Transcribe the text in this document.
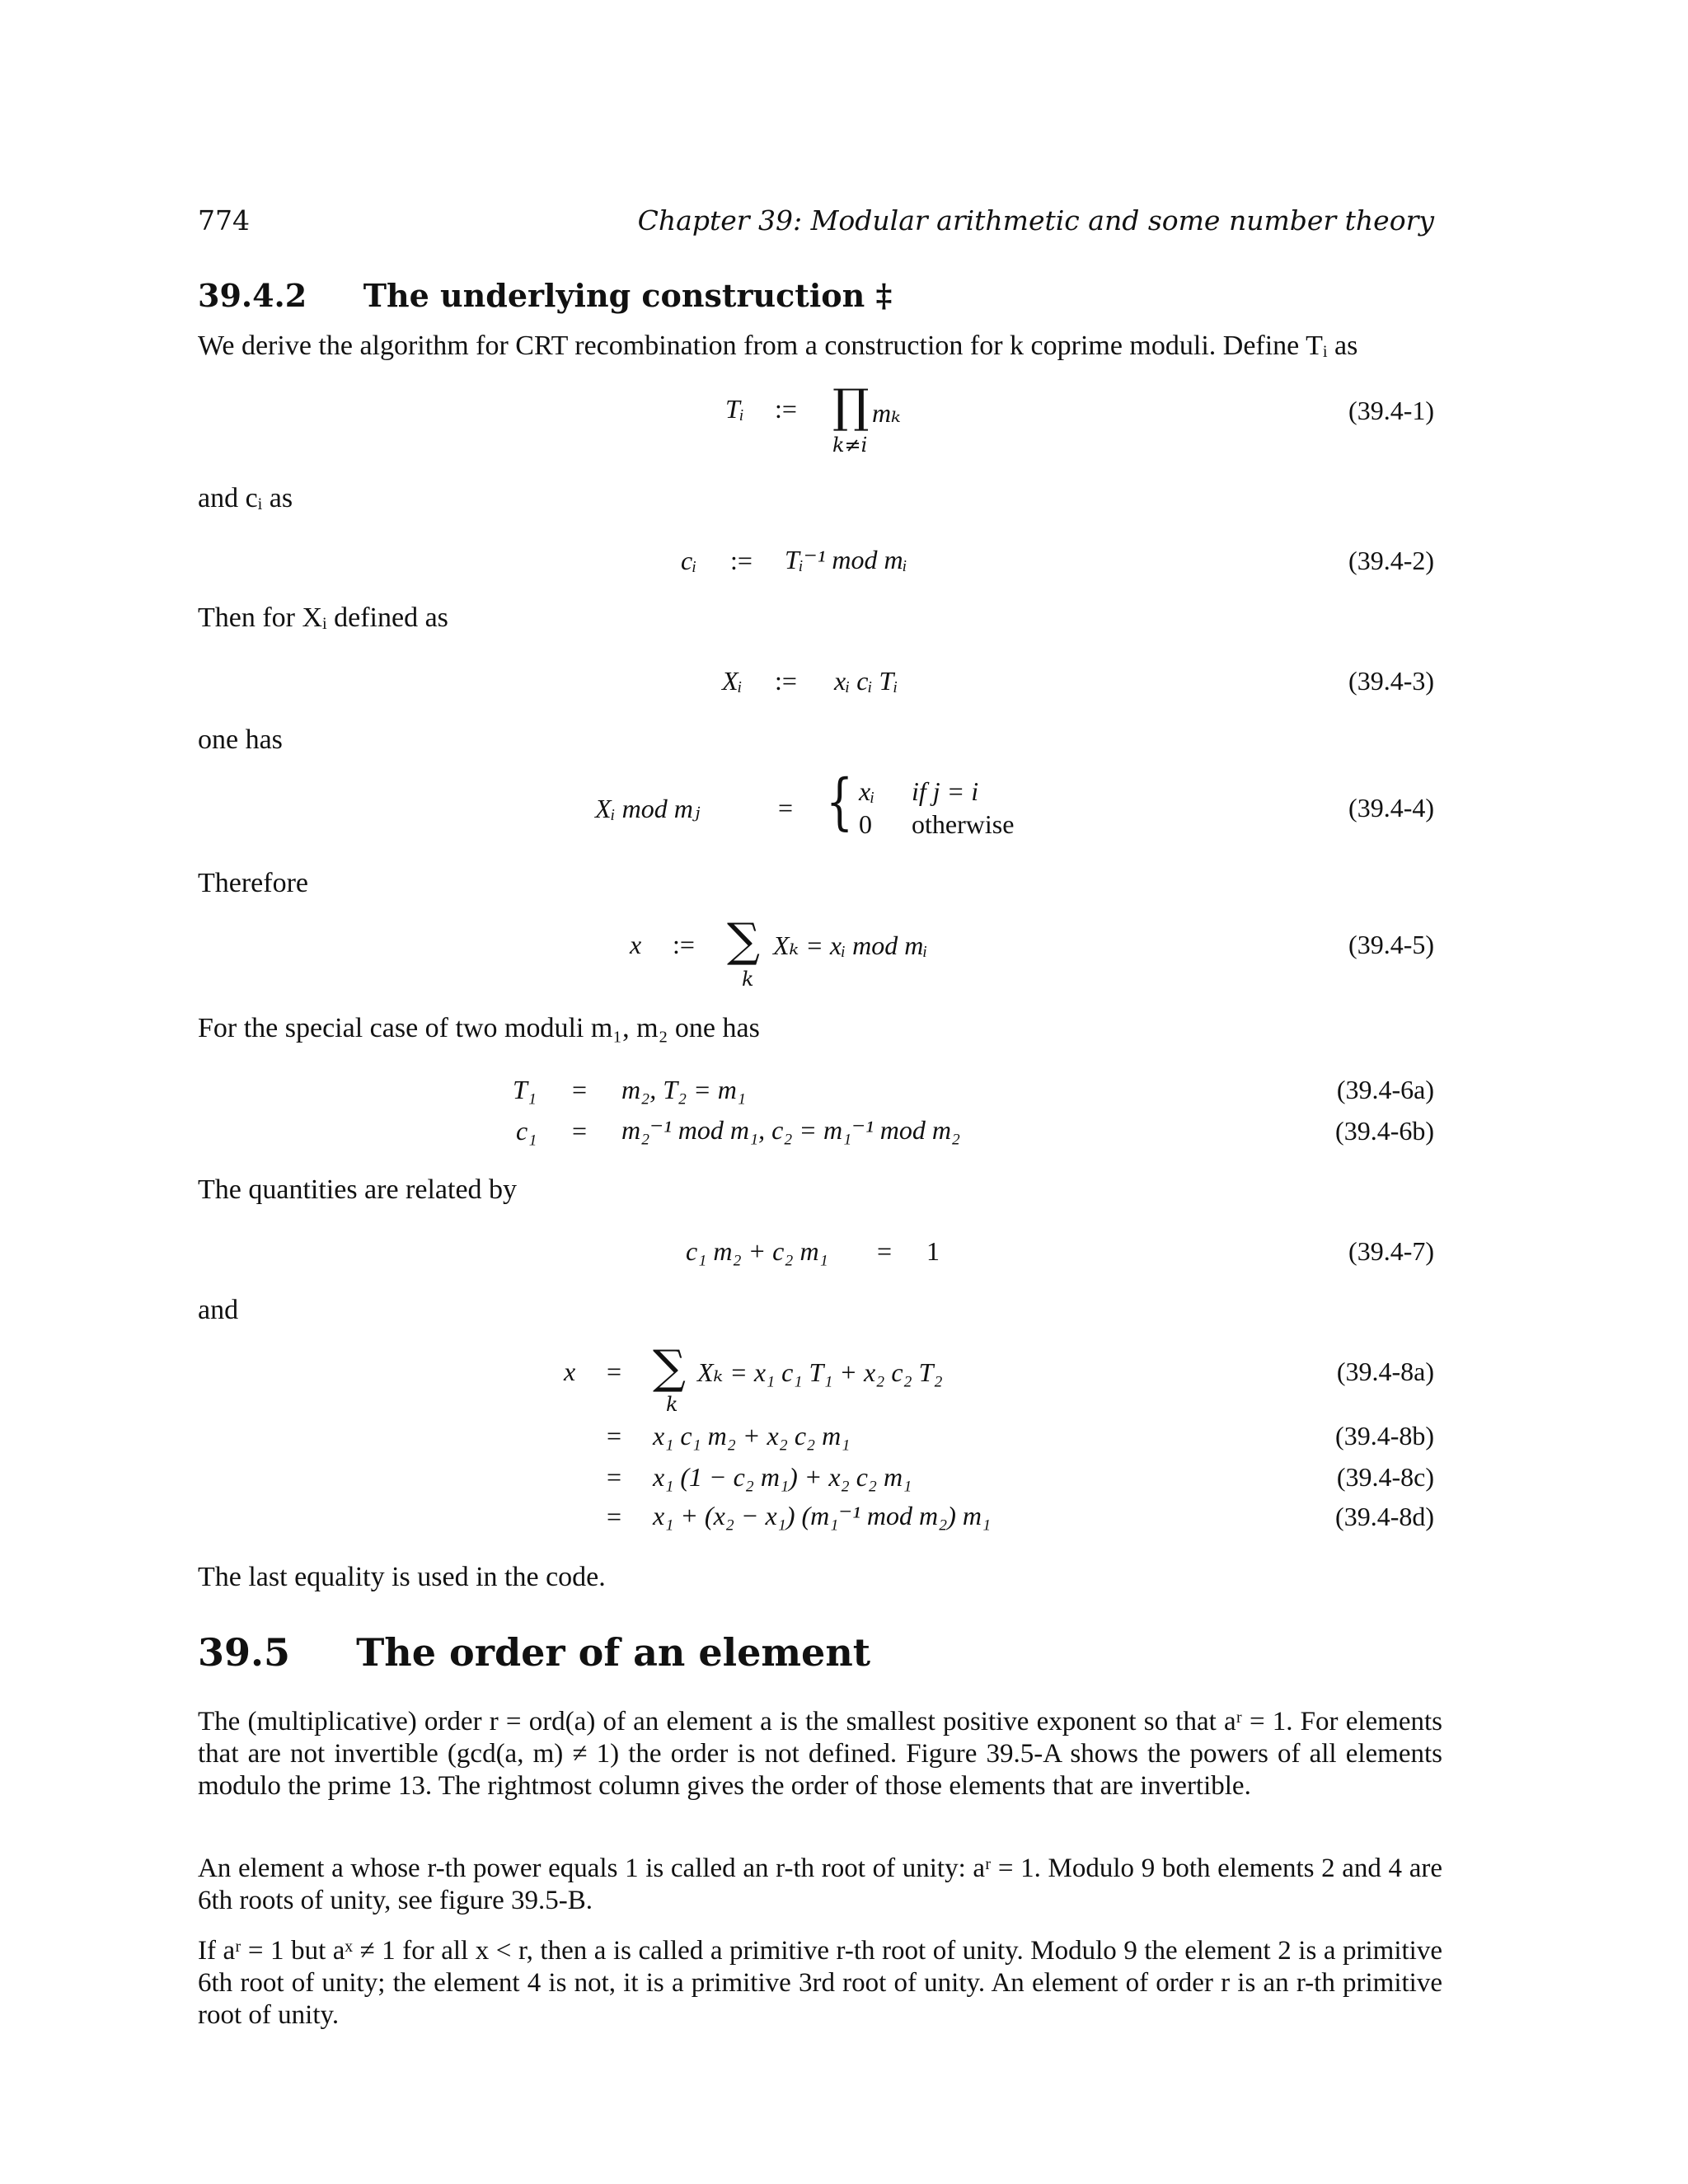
774	Chapter 39: Modular arithmetic and some number theory
39.4.2 The underlying construction ‡
We derive the algorithm for CRT recombination from a construction for k coprime moduli. Define Tᵢ as
Tᵢ := ∏ mₖ
k≠i
(39.4-1)
and cᵢ as
cᵢ := Tᵢ⁻¹ mod mᵢ	(39.4-2)
Then for Xᵢ defined as
Xᵢ := xᵢ cᵢ Tᵢ	(39.4-3)
one has
Xᵢ mod mⱼ	= { xᵢ if j = i
0 otherwise
(39.4-4)
Therefore
x := ∑ Xₖ = xᵢ mod mᵢ
k
(39.4-5)
For the special case of two moduli m₁, m₂ one has
T₁ = m₂, T₂ = m₁	(39.4-6a)
c₁ = m₂⁻¹ mod m₁, c₂ = m₁⁻¹ mod m₂	(39.4-6b)
The quantities are related by
c₁ m₂ + c₂ m₁ = 1	(39.4-7)
and
x = ∑ Xₖ = x₁ c₁ T₁ + x₂ c₂ T₂
k
(39.4-8a)
= x₁ c₁ m₂ + x₂ c₂ m₁	(39.4-8b)
= x₁ (1 − c₂ m₁) + x₂ c₂ m₁	(39.4-8c)
= x₁ + (x₂ − x₁) (m₁⁻¹ mod m₂) m₁	(39.4-8d)
The last equality is used in the code.
39.5 The order of an element
The (multiplicative) order r = ord(a) of an element a is the smallest positive exponent so that aʳ = 1. For elements that are not invertible (gcd(a, m) ≠ 1) the order is not defined. Figure 39.5-A shows the powers of all elements modulo the prime 13. The rightmost column gives the order of those elements that are invertible.
An element a whose r-th power equals 1 is called an r-th root of unity: aʳ = 1. Modulo 9 both elements 2 and 4 are 6th roots of unity, see figure 39.5-B.
If aʳ = 1 but aˣ ≠ 1 for all x < r, then a is called a primitive r-th root of unity. Modulo 9 the element 2 is a primitive 6th root of unity; the element 4 is not, it is a primitive 3rd root of unity. An element of order r is an r-th primitive root of unity.
